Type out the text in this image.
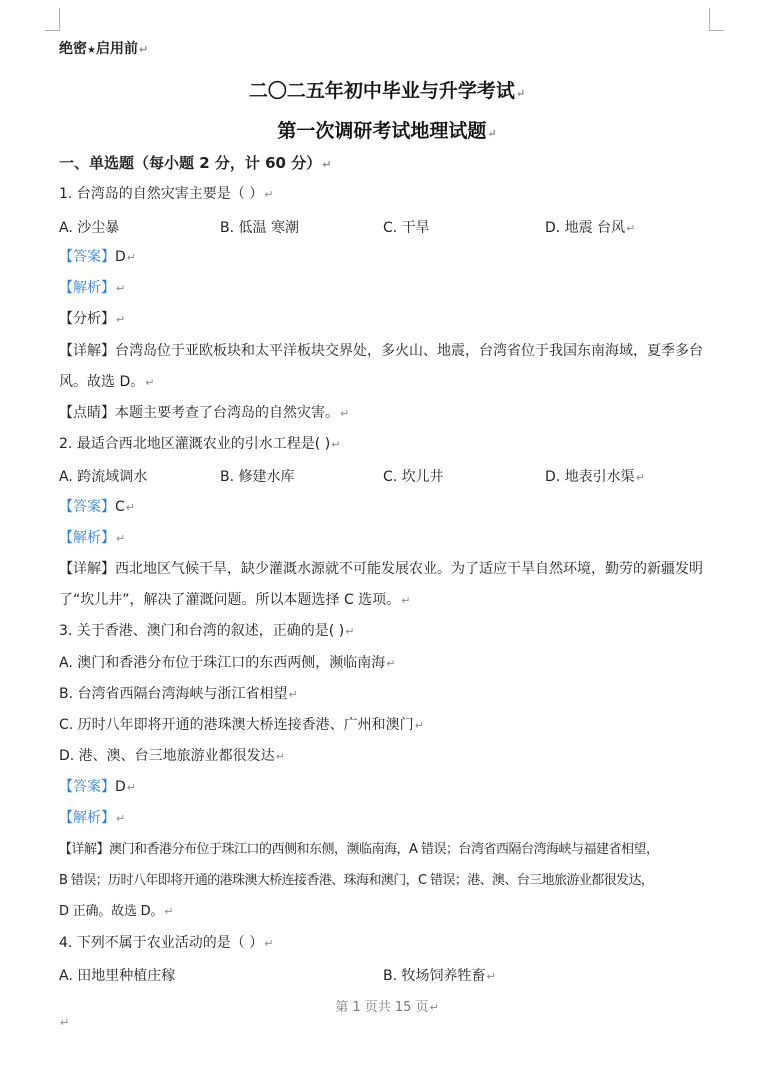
绝密★启用前↵
二〇二五年初中毕业与升学考试↵
第一次调研考试地理试题↵
一、单选题（每小题 2 分，计 60 分）↵
1. 台湾岛的自然灾害主要是（ ）↵
A. 沙尘暴	B. 低温 寒潮	C. 干旱	D. 地震 台风↵
【答案】D↵
【解析】↵
【分析】↵
【详解】台湾岛位于亚欧板块和太平洋板块交界处，多火山、地震，台湾省位于我国东南海域，夏季多台
风。故选 D。↵
【点睛】本题主要考查了台湾岛的自然灾害。↵
2. 最适合西北地区灌溉农业的引水工程是( )↵
A. 跨流域调水	B. 修建水库	C. 坎儿井	D. 地表引水渠↵
【答案】C↵
【解析】↵
【详解】西北地区气候干旱，缺少灌溉水源就不可能发展农业。为了适应干旱自然环境，勤劳的新疆发明
了“坎儿井”，解决了灌溉问题。所以本题选择 C 选项。↵
3. 关于香港、澳门和台湾的叙述，正确的是( )↵
A. 澳门和香港分布位于珠江口的东西两侧，濒临南海↵
B. 台湾省西隔台湾海峡与浙江省相望↵
C. 历时八年即将开通的港珠澳大桥连接香港、广州和澳门↵
D. 港、澳、台三地旅游业都很发达↵
【答案】D↵
【解析】↵
【详解】澳门和香港分布位于珠江口的西侧和东侧，濒临南海，A 错误；台湾省西隔台湾海峡与福建省相望，
B 错误；历时八年即将开通的港珠澳大桥连接香港、珠海和澳门，C 错误；港、澳、台三地旅游业都很发达，
D 正确。故选 D。↵
4. 下列不属于农业活动的是（ ）↵
A. 田地里种植庄稼	B. 牧场饲养牲畜↵
第 1 页共 15 页↵
↵
